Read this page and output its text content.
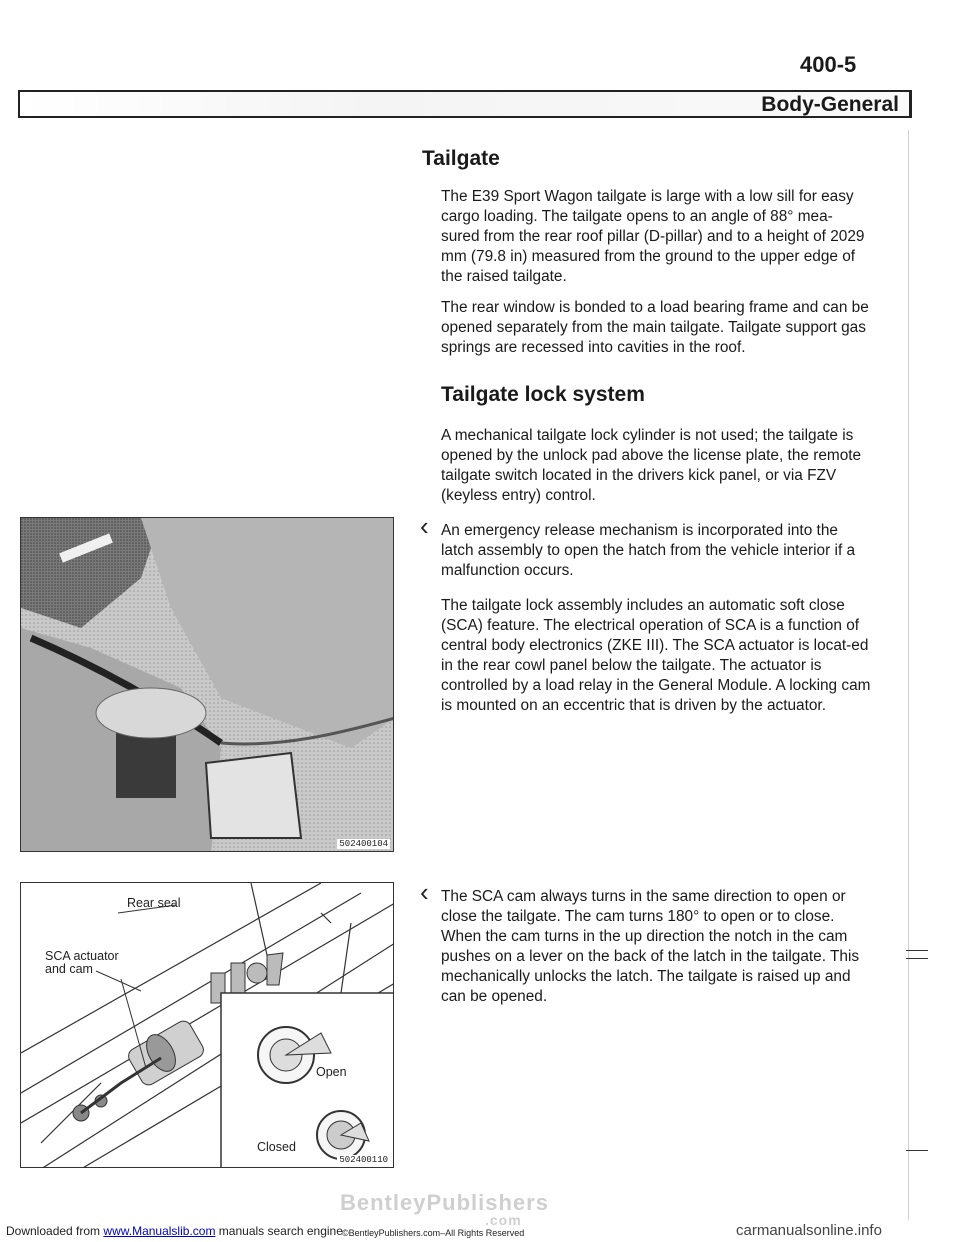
400-5
Body-General
Tailgate
The E39 Sport Wagon tailgate is large with a low sill for easy cargo loading. The tailgate opens to an angle of 88° mea-sured from the rear roof pillar (D-pillar) and to a height of 2029 mm (79.8 in) measured from the ground to the upper edge of the raised tailgate.
The rear window is bonded to a load bearing frame and can be opened separately from the main tailgate. Tailgate support gas springs are recessed into cavities in the roof.
Tailgate lock system
A mechanical tailgate lock cylinder is not used; the tailgate is opened by the unlock pad above the license plate, the remote tailgate switch located in the drivers kick panel, or via FZV (keyless entry) control.
‹ An emergency release mechanism is incorporated into the latch assembly to open the hatch from the vehicle interior if a malfunction occurs.
The tailgate lock assembly includes an automatic soft close (SCA) feature. The electrical operation of SCA is a function of central body electronics (ZKE III). The SCA actuator is locat-ed in the rear cowl panel below the tailgate. The actuator is controlled by a load relay in the General Module. A locking cam is mounted on an eccentric that is driven by the actuator.
‹ The SCA cam always turns in the same direction to open or close the tailgate. The cam turns 180° to open or to close. When the cam turns in the up direction the notch in the cam pushes on a lever on the back of the latch in the tailgate. This mechanically unlocks the latch. The tailgate is raised up and can be opened.
502400104
Rear seal
SCA actuator
and cam
Open
Closed
502400110
BentleyPublishers
.com
Downloaded from www.Manualslib.com manuals search engine ©BentleyPublishers.com–All Rights Reserved	carmanualsonline.info
